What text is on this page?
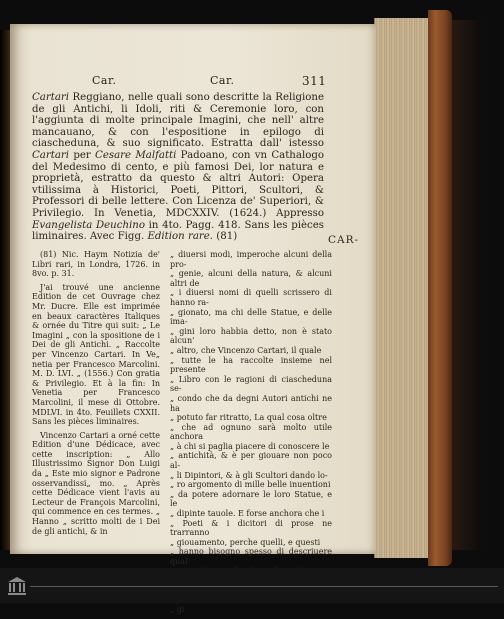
Car.	Car.	311
Cartari Reggiano, nelle quali sono descritte la Religione de gli Antichi, li Idoli, riti & Ceremonie loro, con l'aggiunta di molte principale Imagini, che nell' altre mancauano, & con l'espositione in epilogo di ciascheduna, & suo significato. Estratta dall' istesso Cartari per Cesare Malfatti Padoano, con vn Cathalogo del Medesimo di cento, e più famosi Dei, lor natura e proprietà, estratto da questo & altri Autori: Opera vtilissima à Historici, Poeti, Pittori, Scultori, & Professori di belle lettere. Con Licenza de' Superiori, & Privilegio. In Venetia, MDCXXIV. (1624.) Appresso Evangelista Deuchino in 4to. Pagg. 418. Sans les pièces liminaires. Avec Figg. Edition rare. (81)	CAR-

(81) Nic. Haym Notizia de' Libri rari, in Londra, 1726. in 8vo. p. 31.

J'ai trouvé une ancienne Edition de cet Ouvrage chez Mr. Ducre. Elle est imprimée en beaux caractères Italiques & ornée du Titre qui suit: „ Le Imagini „ con la spositione de i Dei de gli Antichi. „ Raccolte per Vincenzo Cartari. In Ve„ netia per Francesco Marcolini. M. D. LVI. „ (1556.) Con gratia & Privilegio. Et à la fin: In Venetia per Francesco Marcolini, il mese di Ottobre. MDLVI. in 4to. Feuillets CXXII. Sans les pièces liminaires.

Vincenzo Cartari a orné cette Edition d'une Dédicace, avec cette inscription: „ Allo Illustrissimo Signor Don Luigi da „ Este mio signor e Padrone osservandissi„ mo. „ Après cette Dédicace vient l'avis au Lecteur de François Marcolini, qui commence en ces termes. „ Hanno „ scritto molti de i Dei de gli antichi, & in

„ diuersi modi, imperoche alcuni della pro-
„ genie, alcuni della natura, & alcuni altri de
„ i diuersi nomi di quelli scrissero di hanno ra-
„ gionato, ma chi delle Statue, e delle ima-
„ gini loro habbia detto, non è stato alcun'
„ altro, che Vincenzo Cartari, il quale
„ tutte le ha raccolte insieme nel presente
„ Libro con le ragioni di ciascheduna se-
„ condo che da degni Autori antichi ne ha
„ potuto far ritratto, La qual cosa oltre
„ che ad ognuno sarà molto utile anchora
„ à chi si paglia piacere di conoscere le
„ antichità, & è per giouare non poco al-
„ li Dipintori, & à gli Scultori dando lo-
„ ro argomento di mille belle inuentioni
„ da potere adornare le loro Statue, e le
„ dipinte tauole. E forse anchora che i
„ Poeti & i dicitori di prose ne trarranno
„ giouamento, perche quelli, e questi
„ hanno bisogno spesso di descriuere qual-

„ gi
